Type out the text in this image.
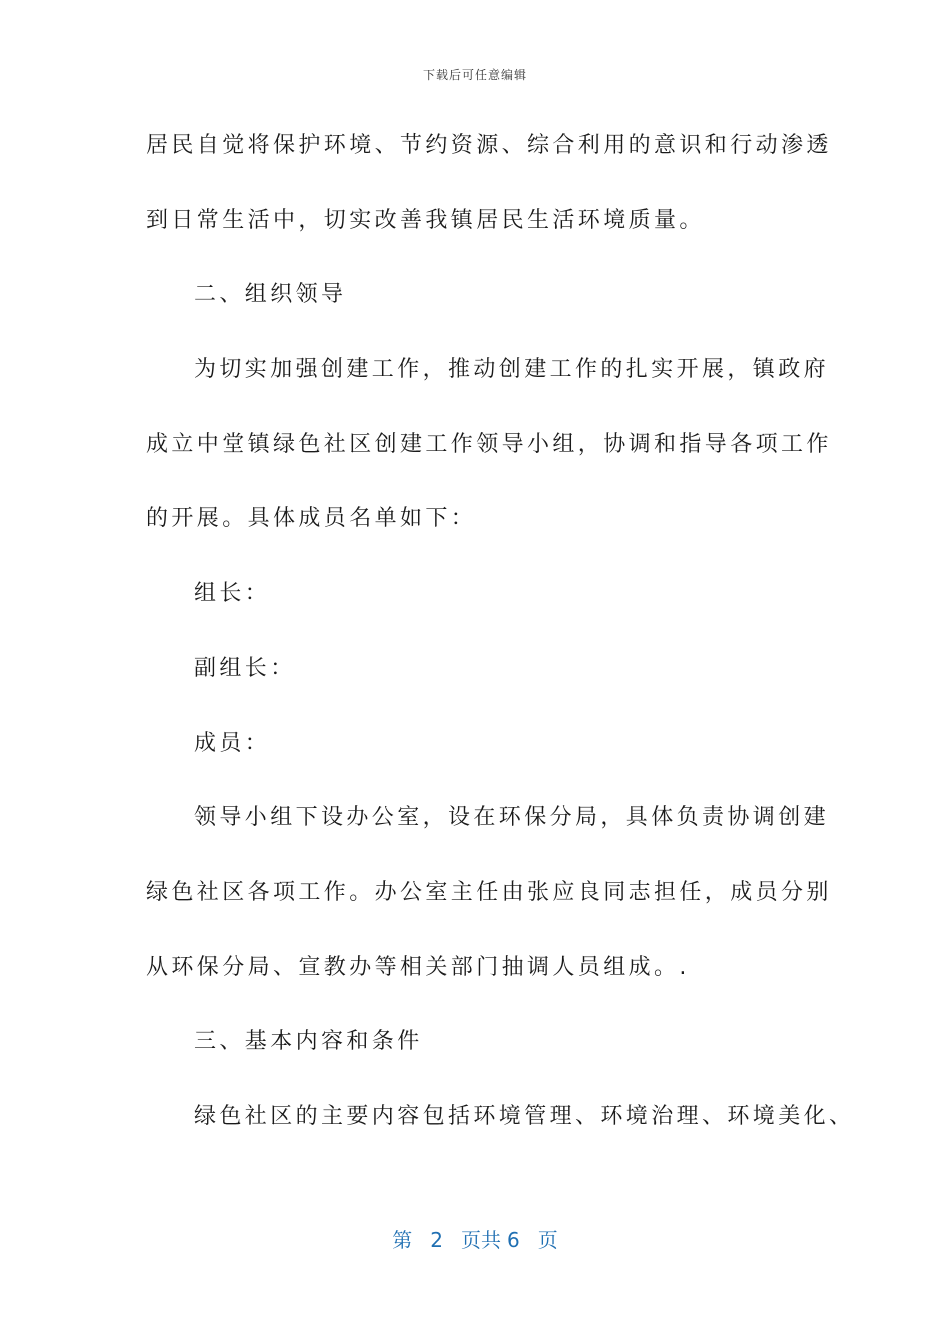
下载后可任意编辑
居民自觉将保护环境、节约资源、综合利用的意识和行动渗透
到日常生活中，切实改善我镇居民生活环境质量。
二、组织领导
为切实加强创建工作，推动创建工作的扎实开展，镇政府
成立中堂镇绿色社区创建工作领导小组，协调和指导各项工作
的开展。具体成员名单如下：
组长：
副组长：
成员：
领导小组下设办公室，设在环保分局，具体负责协调创建
绿色社区各项工作。办公室主任由张应良同志担任，成员分别
从环保分局、宣教办等相关部门抽调人员组成。.
三、基本内容和条件
绿色社区的主要内容包括环境管理、环境治理、环境美化、
第 2 页共 6 页
